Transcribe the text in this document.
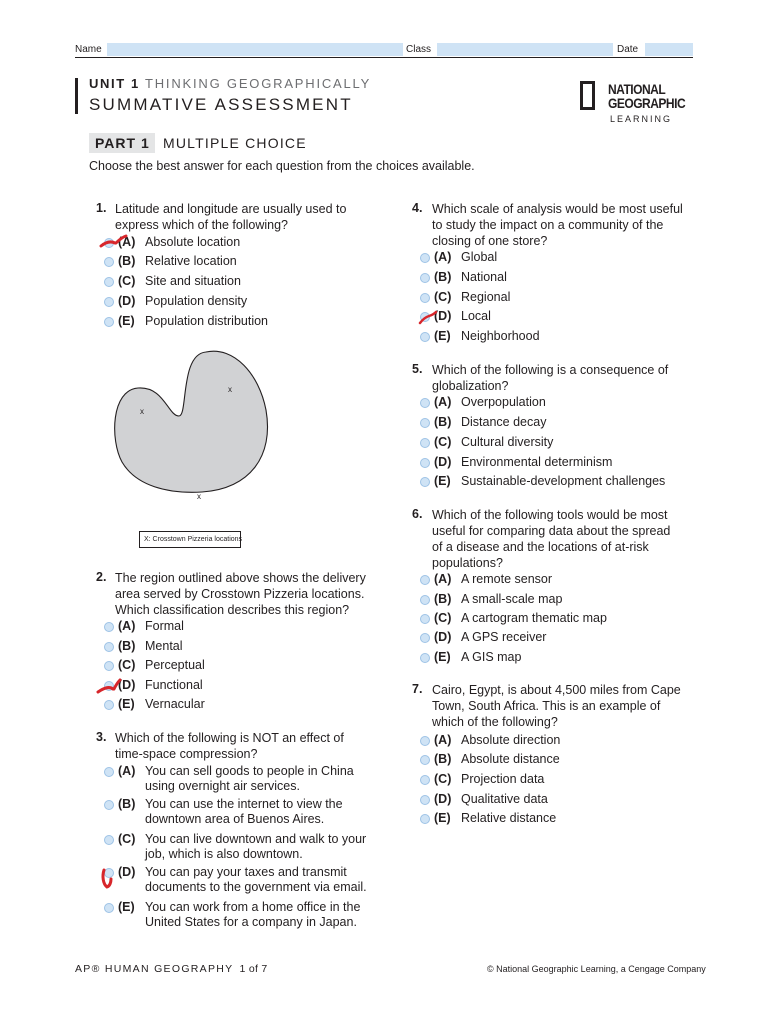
Name	Class	Date
UNIT 1 THINKING GEOGRAPHICALLY
SUMMATIVE ASSESSMENT
NATIONAL
GEOGRAPHIC
LEARNING
PART 1 MULTIPLE CHOICE
Choose the best answer for each question from the choices available.
x
x
x
X: Crosstown Pizzeria locations
1. Latitude and longitude are usually used to
express which of the following?
(A) Absolute location
(B) Relative location
(C) Site and situation
(D) Population density
(E) Population distribution
2. The region outlined above shows the delivery
area served by Crosstown Pizzeria locations.
Which classification describes this region?
(A) Formal
(B) Mental
(C) Perceptual
(D) Functional
(E) Vernacular
3. Which of the following is NOT an effect of
time-space compression?
(A) You can sell goods to people in China
using overnight air services.
(B) You can use the internet to view the
downtown area of Buenos Aires.
(C) You can live downtown and walk to your
job, which is also downtown.
(D) You can pay your taxes and transmit
documents to the government via email.
(E) You can work from a home office in the
United States for a company in Japan.
4. Which scale of analysis would be most useful
to study the impact on a community of the
closing of one store?
(A) Global
(B) National
(C) Regional
(D) Local
(E) Neighborhood
5. Which of the following is a consequence of
globalization?
(A) Overpopulation
(B) Distance decay
(C) Cultural diversity
(D) Environmental determinism
(E) Sustainable-development challenges
6. Which of the following tools would be most
useful for comparing data about the spread
of a disease and the locations of at-risk
populations?
(A) A remote sensor
(B) A small-scale map
(C) A cartogram thematic map
(D) A GPS receiver
(E) A GIS map
7. Cairo, Egypt, is about 4,500 miles from Cape
Town, South Africa. This is an example of
which of the following?
(A) Absolute direction
(B) Absolute distance
(C) Projection data
(D) Qualitative data
(E) Relative distance
AP® HUMAN GEOGRAPHY 1 of 7	© National Geographic Learning, a Cengage Company
